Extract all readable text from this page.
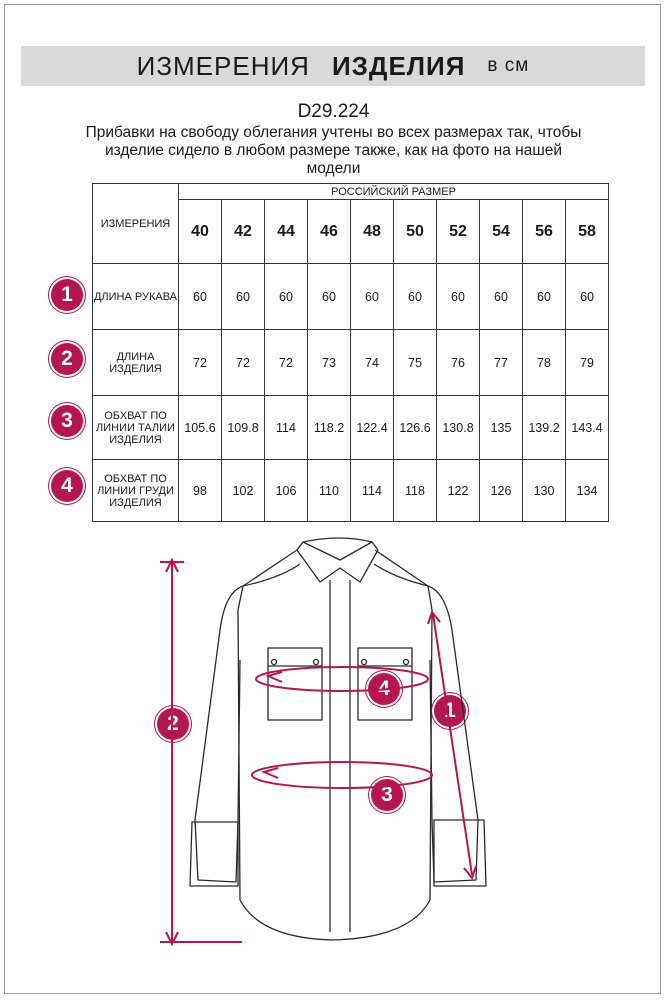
ИЗМЕРЕНИЯ ИЗДЕЛИЯ в см
D29.224
Прибавки на свободу облегания учтены во всех размерах так, чтобы изделие сидело в любом размере также, как на фото на нашей модели
ИЗМЕРЕНИЯ	РОССИЙСКИЙ РАЗМЕР									
	40	42	44	46	48	50	52	54	56	58
ДЛИНА РУКАВА	60	60	60	60	60	60	60	60	60	60
ДЛИНА ИЗДЕЛИЯ	72	72	72	73	74	75	76	77	78	79
ОБХВАТ ПО ЛИНИИ ТАЛИИ ИЗДЕЛИЯ	105.6	109.8	114	118.2	122.4	126.6	130.8	135	139.2	143.4
ОБХВАТ ПО ЛИНИИ ГРУДИ ИЗДЕЛИЯ	98	102	106	110	114	118	122	126	130	134
1
2
3
4
1
2
3
4
